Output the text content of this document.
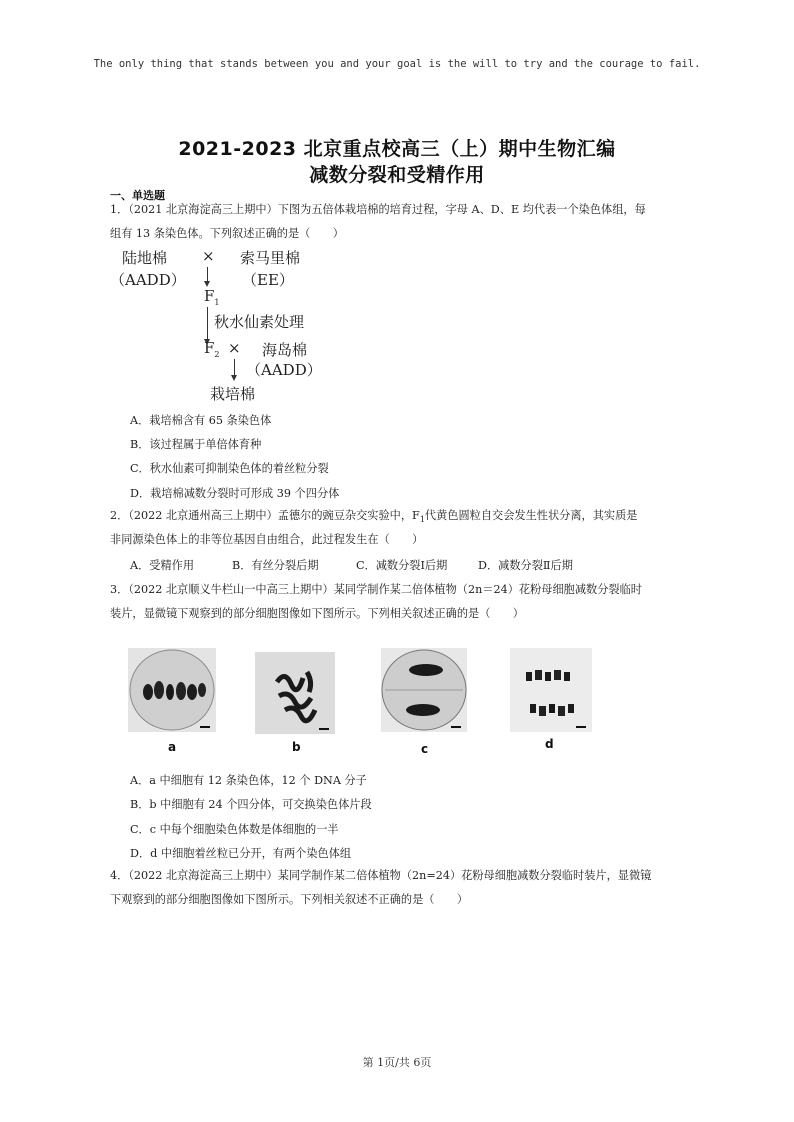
The only thing that stands between you and your goal is the will to try and the courage to fail.
2021-2023 北京重点校高三（上）期中生物汇编
减数分裂和受精作用
一、单选题
1．（2021 北京海淀高三上期中）下图为五倍体栽培棉的培育过程，字母 A、D、E 均代表一个染色体组，每
组有 13 条染色体。下列叙述正确的是（　　）
陆地棉
（AADD）
× 索马里棉
（EE）
$F_1$
秋水仙素处理
$F_2$ × 海岛棉
（AADD）
栽培棉
A．栽培棉含有 65 条染色体
B．该过程属于单倍体育种
C．秋水仙素可抑制染色体的着丝粒分裂
D．栽培棉减数分裂时可形成 39 个四分体
2．（2022 北京通州高三上期中）孟德尔的豌豆杂交实验中，$F_1$代黄色圆粒自交会发生性状分离，其实质是
非同源染色体上的非等位基因自由组合，此过程发生在（　　）
A．受精作用	B．有丝分裂后期	C．减数分裂Ⅰ后期	D．减数分裂Ⅱ后期
3．（2022 北京顺义牛栏山一中高三上期中）某同学制作某二倍体植物（2n＝24）花粉母细胞减数分裂临时
装片，显微镜下观察到的部分细胞图像如下图所示。下列相关叙述正确的是（　　）
a	b	c	d
A．a 中细胞有 12 条染色体，12 个 DNA 分子
B．b 中细胞有 24 个四分体，可交换染色体片段
C．c 中每个细胞染色体数是体细胞的一半
D．d 中细胞着丝粒已分开，有两个染色体组
4．（2022 北京海淀高三上期中）某同学制作某二倍体植物（2n=24）花粉母细胞减数分裂临时装片，显微镜
下观察到的部分细胞图像如下图所示。下列相关叙述不正确的是（　　）
第 1页/共 6页
